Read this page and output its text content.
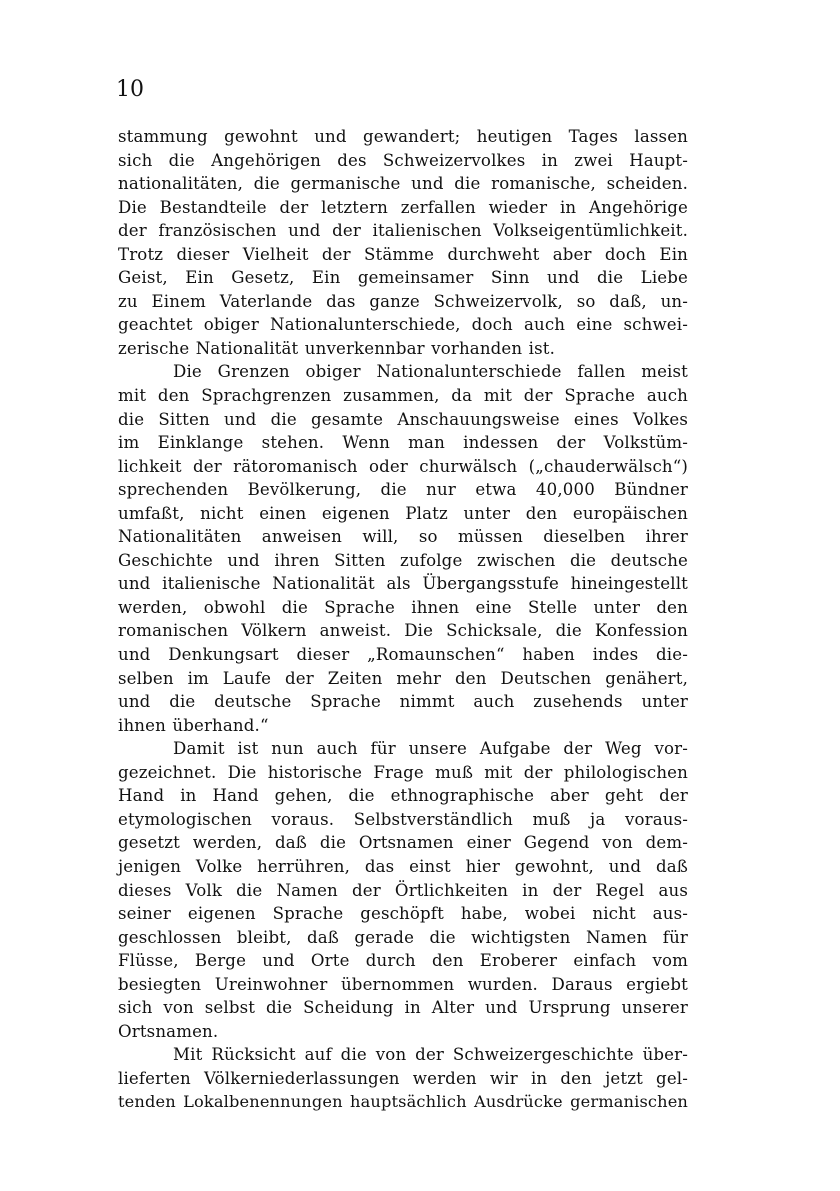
10
stammung gewohnt und gewandert; heutigen Tages lassen
sich die Angehörigen des Schweizervolkes in zwei Haupt-
nationalitäten, die germanische und die romanische, scheiden.
Die Bestandteile der letztern zerfallen wieder in Angehörige
der französischen und der italienischen Volkseigentümlichkeit.
Trotz dieser Vielheit der Stämme durchweht aber doch Ein
Geist, Ein Gesetz, Ein gemeinsamer Sinn und die Liebe
zu Einem Vaterlande das ganze Schweizervolk, so daß, un-
geachtet obiger Nationalunterschiede, doch auch eine schwei-
zerische Nationalität unverkennbar vorhanden ist.
Die Grenzen obiger Nationalunterschiede fallen meist
mit den Sprachgrenzen zusammen, da mit der Sprache auch
die Sitten und die gesamte Anschauungsweise eines Volkes
im Einklange stehen. Wenn man indessen der Volkstüm-
lichkeit der rätoromanisch oder churwälsch („chauderwälsch“)
sprechenden Bevölkerung, die nur etwa 40,000 Bündner
umfaßt, nicht einen eigenen Platz unter den europäischen
Nationalitäten anweisen will, so müssen dieselben ihrer
Geschichte und ihren Sitten zufolge zwischen die deutsche
und italienische Nationalität als Übergangsstufe hineingestellt
werden, obwohl die Sprache ihnen eine Stelle unter den
romanischen Völkern anweist. Die Schicksale, die Konfession
und Denkungsart dieser „Romaunschen“ haben indes die-
selben im Laufe der Zeiten mehr den Deutschen genähert,
und die deutsche Sprache nimmt auch zusehends unter
ihnen überhand.“
Damit ist nun auch für unsere Aufgabe der Weg vor-
gezeichnet. Die historische Frage muß mit der philologischen
Hand in Hand gehen, die ethnographische aber geht der
etymologischen voraus. Selbstverständlich muß ja voraus-
gesetzt werden, daß die Ortsnamen einer Gegend von dem-
jenigen Volke herrühren, das einst hier gewohnt, und daß
dieses Volk die Namen der Örtlichkeiten in der Regel aus
seiner eigenen Sprache geschöpft habe, wobei nicht aus-
geschlossen bleibt, daß gerade die wichtigsten Namen für
Flüsse, Berge und Orte durch den Eroberer einfach vom
besiegten Ureinwohner übernommen wurden. Daraus ergiebt
sich von selbst die Scheidung in Alter und Ursprung unserer
Ortsnamen.
Mit Rücksicht auf die von der Schweizergeschichte über-
lieferten Völkerniederlassungen werden wir in den jetzt gel-
tenden Lokalbenennungen hauptsächlich Ausdrücke germanischen
